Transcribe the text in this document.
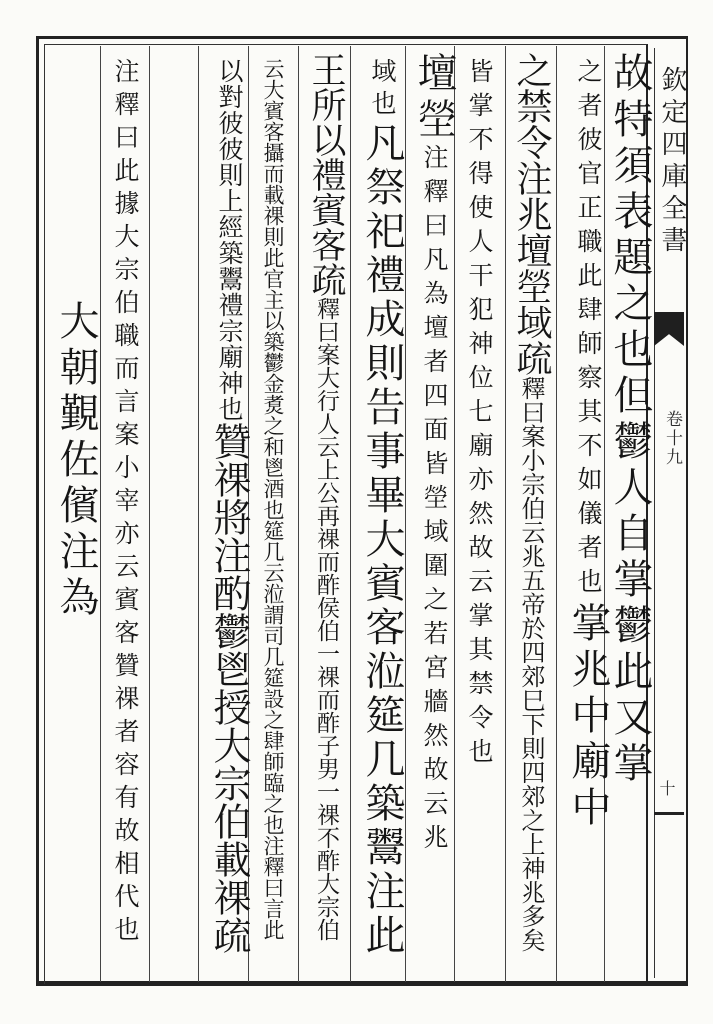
欽定四庫全書
卷十九
十
故特須表題之也但鬱人自掌鬱此又掌
之者彼官正職此肆師察其不如儀者也掌兆中廟中
之禁令注兆壇塋域疏釋曰案小宗伯云兆五帝於四郊巳下則四郊之上神兆多矣
皆掌不得使人干犯神位七廟亦然故云掌其禁令也
壇塋注釋曰凡為壇者四面皆塋域圍之若宮牆然故云兆
域也凡祭祀禮成則告事畢大賓客涖筵几築鬻注此
王所以禮賓客疏釋曰案大行人云上公再祼而酢侯伯一祼而酢子男一祼不酢大宗伯
云大賓客攝而載祼則此官主以築鬱金煑之和鬯酒也筵几云涖謂司几筵設之肆師臨之也注釋曰言此
以對彼彼則上經築鬻禮宗廟神也贊祼將注酌鬱鬯授大宗伯載祼疏
注釋曰此據大宗伯職而言案小宰亦云賓客贊祼者容有故相代也
大朝覲佐儐注為
